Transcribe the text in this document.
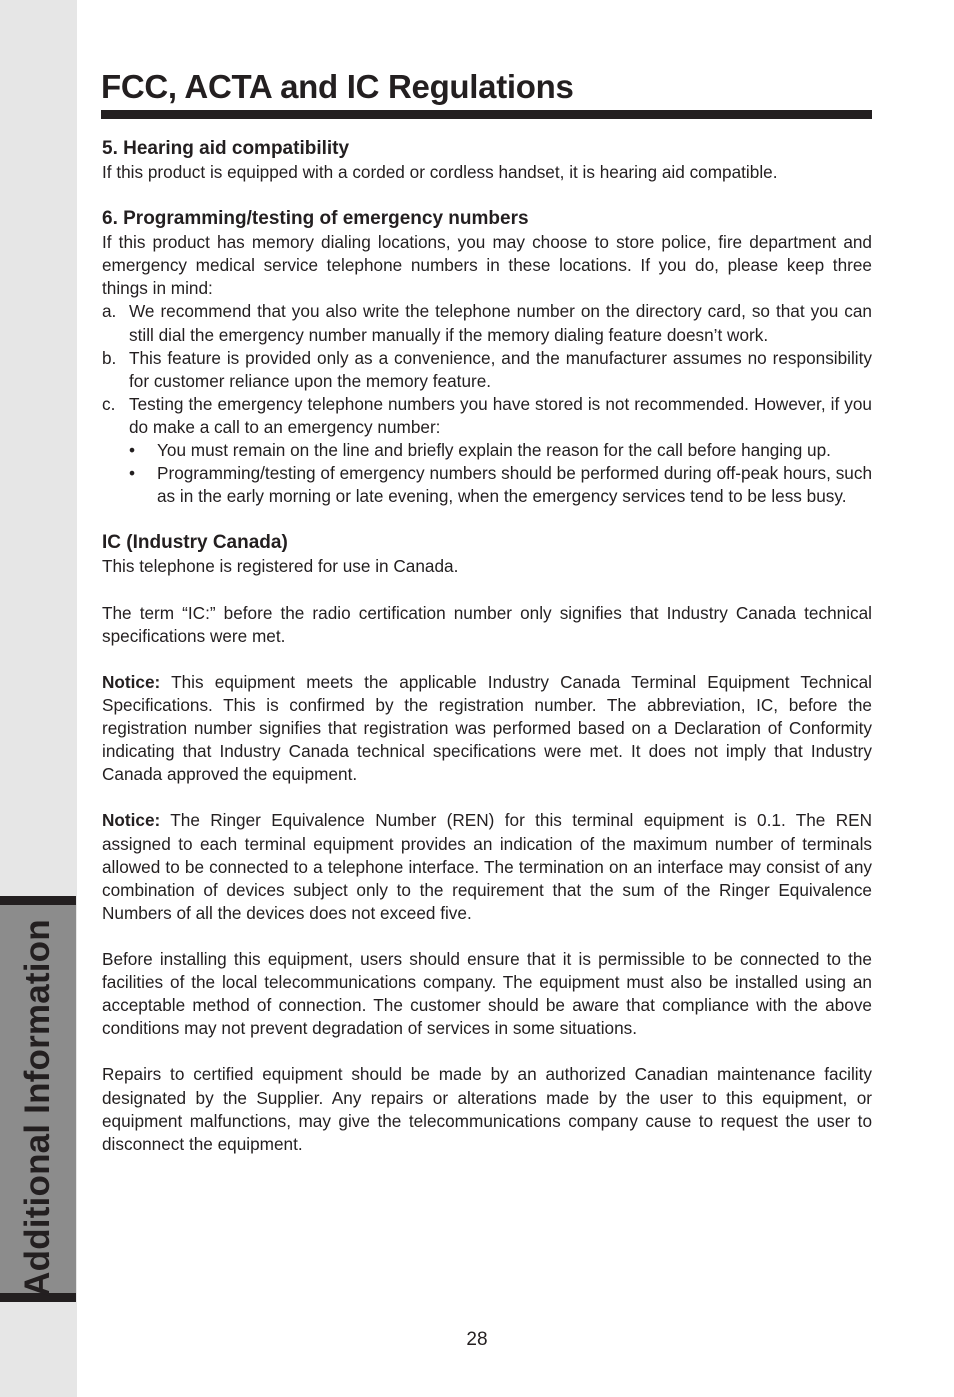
Additional Information
FCC, ACTA and IC Regulations
5. Hearing aid compatibility

If this product is equipped with a corded or cordless handset, it is hearing aid compatible.

6. Programming/testing of emergency numbers
If this product has memory dialing locations, you may choose to store police, fire department and emergency medical service telephone numbers in these locations. If you do, please keep three things in mind:
a. We recommend that you also write the telephone number on the directory card, so that you can still dial the emergency number manually if the memory dialing feature doesn’t work.
b. This feature is provided only as a convenience, and the manufacturer assumes no responsibility for customer reliance upon the memory feature.
c. Testing the emergency telephone numbers you have stored is not recommended. However, if you do make a call to an emergency number:
• You must remain on the line and briefly explain the reason for the call before hanging up.
• Programming/testing of emergency numbers should be performed during off-peak hours, such as in the early morning or late evening, when the emergency services tend to be less busy.
IC (Industry Canada)

This telephone is registered for use in Canada.

The term “IC:” before the radio certification number only signifies that Industry Canada technical specifications were met.

Notice: This equipment meets the applicable Industry Canada Terminal Equipment Technical Specifications. This is confirmed by the registration number. The abbreviation, IC, before the registration number signifies that registration was performed based on a Declaration of Conformity indicating that Industry Canada technical specifications were met. It does not imply that Industry Canada approved the equipment.

Notice: The Ringer Equivalence Number (REN) for this terminal equipment is 0.1. The REN assigned to each terminal equipment provides an indication of the maximum number of terminals allowed to be connected to a telephone interface. The termination on an interface may consist of any combination of devices subject only to the requirement that the sum of the Ringer Equivalence Numbers of all the devices does not exceed five.

Before installing this equipment, users should ensure that it is permissible to be connected to the facilities of the local telecommunications company. The equipment must also be installed using an acceptable method of connection. The customer should be aware that compliance with the above conditions may not prevent degradation of services in some situations.

Repairs to certified equipment should be made by an authorized Canadian maintenance facility designated by the Supplier. Any repairs or alterations made by the user to this equipment, or equipment malfunctions, may give the telecommunications company cause to request the user to disconnect the equipment.

28
